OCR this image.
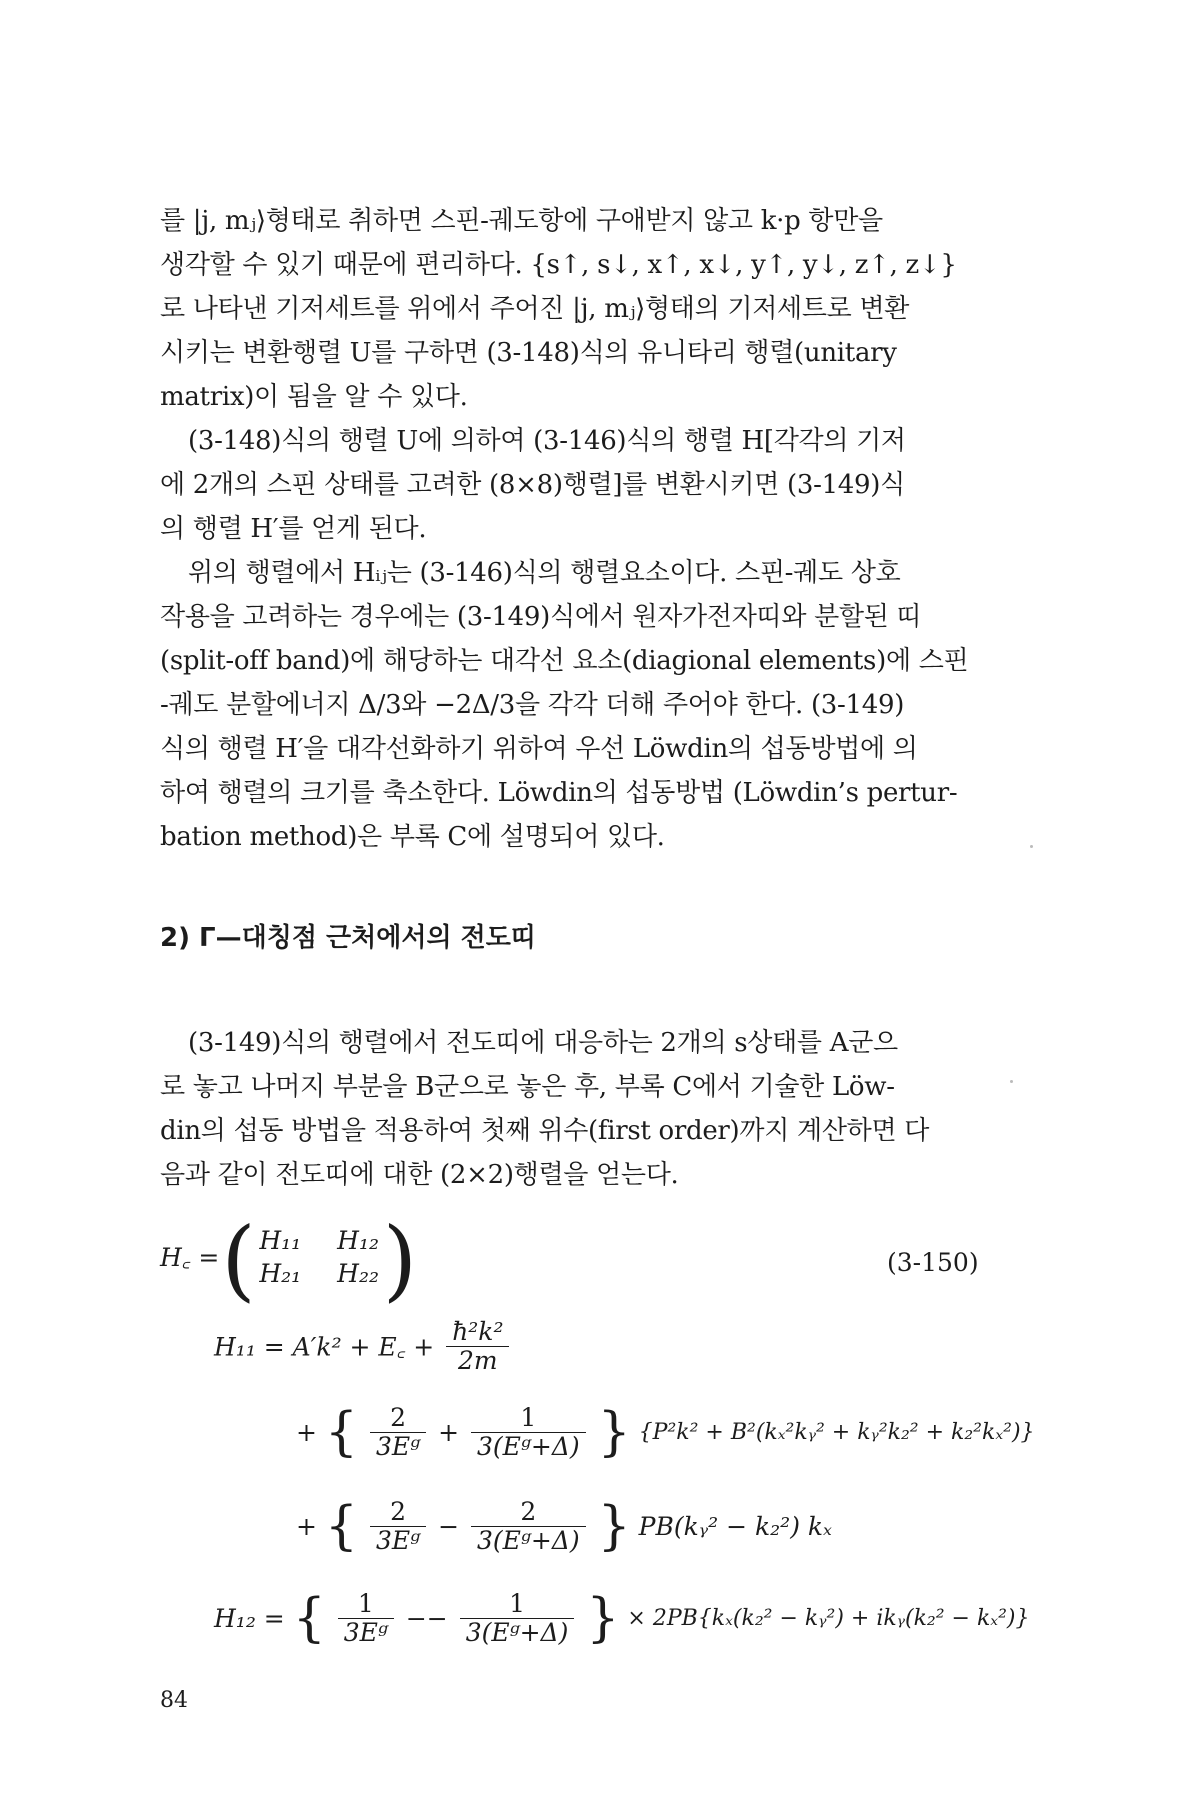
를 |j, mⱼ⟩형태로 취하면 스핀-궤도항에 구애받지 않고 k·p 항만을
생각할 수 있기 때문에 편리하다. {s↑, s↓, x↑, x↓, y↑, y↓, z↑, z↓}
로 나타낸 기저세트를 위에서 주어진 |j, mⱼ⟩형태의 기저세트로 변환
시키는 변환행렬 U를 구하면 (3-148)식의 유니타리 행렬(unitary
matrix)이 됨을 알 수 있다.
(3-148)식의 행렬 U에 의하여 (3-146)식의 행렬 H[각각의 기저
에 2개의 스핀 상태를 고려한 (8×8)행렬]를 변환시키면 (3-149)식
의 행렬 H′를 얻게 된다.
위의 행렬에서 Hᵢⱼ는 (3-146)식의 행렬요소이다. 스핀-궤도 상호
작용을 고려하는 경우에는 (3-149)식에서 원자가전자띠와 분할된 띠
(split-off band)에 해당하는 대각선 요소(diagional elements)에 스핀
-궤도 분할에너지 Δ/3와 −2Δ/3을 각각 더해 주어야 한다. (3-149)
식의 행렬 H′을 대각선화하기 위하여 우선 Löwdin의 섭동방법에 의
하여 행렬의 크기를 축소한다. Löwdin의 섭동방법 (Löwdin’s pertur-
bation method)은 부록 C에 설명되어 있다.
2) Γ—대칭점 근처에서의 전도띠
(3-149)식의 행렬에서 전도띠에 대응하는 2개의 s상태를 A군으
로 놓고 나머지 부분을 B군으로 놓은 후, 부록 C에서 기술한 Löw-
din의 섭동 방법을 적용하여 첫째 위수(first order)까지 계산하면 다
음과 같이 전도띠에 대한 (2×2)행렬을 얻는다.
H꜀ = ( H₁₁	H₁₂
H₂₁	H₂₂ )	(3-150)
H₁₁ = A′k² + E꜀ + $\frac{\text{ħ²k²}}{2m}$
+ { $\frac{2}{\text{3Eᵍ}} + \frac{1}{\text{3(Eᵍ+Δ)}}$ } {P²k² + B²(kₓ²kᵧ² + kᵧ²k₂² + k₂²kₓ²)}
+ { $\frac{2}{\text{3Eᵍ}} - \frac{2}{\text{3(Eᵍ+Δ)}}$ } PB(kᵧ² − k₂²) kₓ
H₁₂ = { $\frac{1}{\text{3Eᵍ}} -- \frac{1}{\text{3(Eᵍ+Δ)}}$ } × 2PB{kₓ(k₂² − kᵧ²) + ikᵧ(k₂² − kₓ²)}
84
